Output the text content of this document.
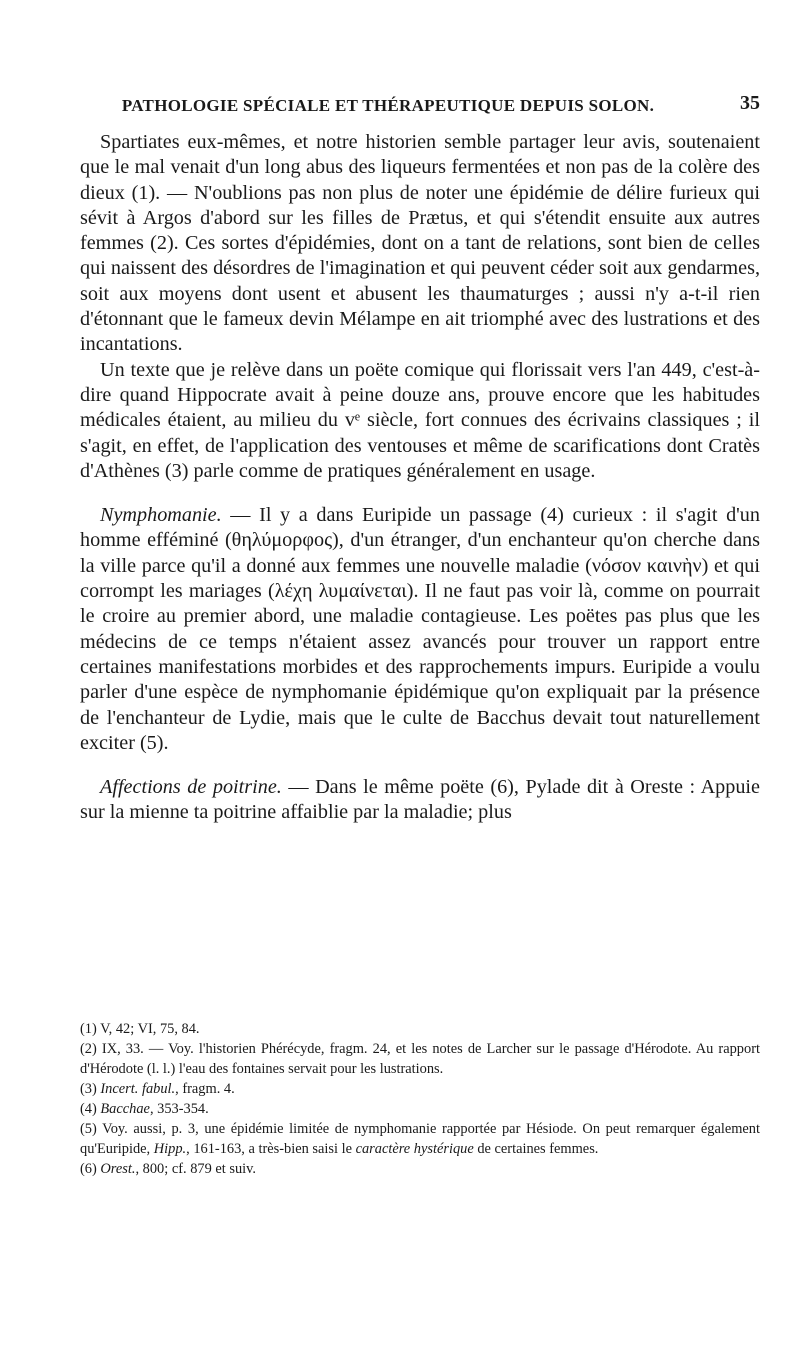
PATHOLOGIE SPÉCIALE ET THÉRAPEUTIQUE DEPUIS SOLON.	35

Spartiates eux-mêmes, et notre historien semble partager leur avis, soutenaient que le mal venait d'un long abus des liqueurs fermentées et non pas de la colère des dieux (1). — N'oublions pas non plus de noter une épidémie de délire furieux qui sévit à Argos d'abord sur les filles de Prætus, et qui s'étendit ensuite aux autres femmes (2). Ces sortes d'épidémies, dont on a tant de relations, sont bien de celles qui naissent des désordres de l'imagination et qui peuvent céder soit aux gendarmes, soit aux moyens dont usent et abusent les thaumaturges ; aussi n'y a-t-il rien d'étonnant que le fameux devin Mélampe en ait triomphé avec des lustrations et des incantations.

Un texte que je relève dans un poëte comique qui florissait vers l'an 449, c'est-à-dire quand Hippocrate avait à peine douze ans, prouve encore que les habitudes médicales étaient, au milieu du vᵉ siècle, fort connues des écrivains classiques ; il s'agit, en effet, de l'application des ventouses et même de scarifications dont Cratès d'Athènes (3) parle comme de pratiques généralement en usage.

Nymphomanie. — Il y a dans Euripide un passage (4) curieux : il s'agit d'un homme efféminé (θηλύμορφος), d'un étranger, d'un enchanteur qu'on cherche dans la ville parce qu'il a donné aux femmes une nouvelle maladie (νόσον καινὴν) et qui corrompt les mariages (λέχη λυμαίνεται). Il ne faut pas voir là, comme on pourrait le croire au premier abord, une maladie contagieuse. Les poëtes pas plus que les médecins de ce temps n'étaient assez avancés pour trouver un rapport entre certaines manifestations morbides et des rapprochements impurs. Euripide a voulu parler d'une espèce de nymphomanie épidémique qu'on expliquait par la présence de l'enchanteur de Lydie, mais que le culte de Bacchus devait tout naturellement exciter (5).

Affections de poitrine. — Dans le même poëte (6), Pylade dit à Oreste : Appuie sur la mienne ta poitrine affaiblie par la maladie; plus

(1) V, 42; VI, 75, 84.

(2) IX, 33. — Voy. l'historien Phérécyde, fragm. 24, et les notes de Larcher sur le passage d'Hérodote. Au rapport d'Hérodote (l. l.) l'eau des fontaines servait pour les lustrations.

(3) Incert. fabul., fragm. 4.

(4) Bacchae, 353-354.

(5) Voy. aussi, p. 3, une épidémie limitée de nymphomanie rapportée par Hésiode. On peut remarquer également qu'Euripide, Hipp., 161-163, a très-bien saisi le caractère hystérique de certaines femmes.

(6) Orest., 800; cf. 879 et suiv.
